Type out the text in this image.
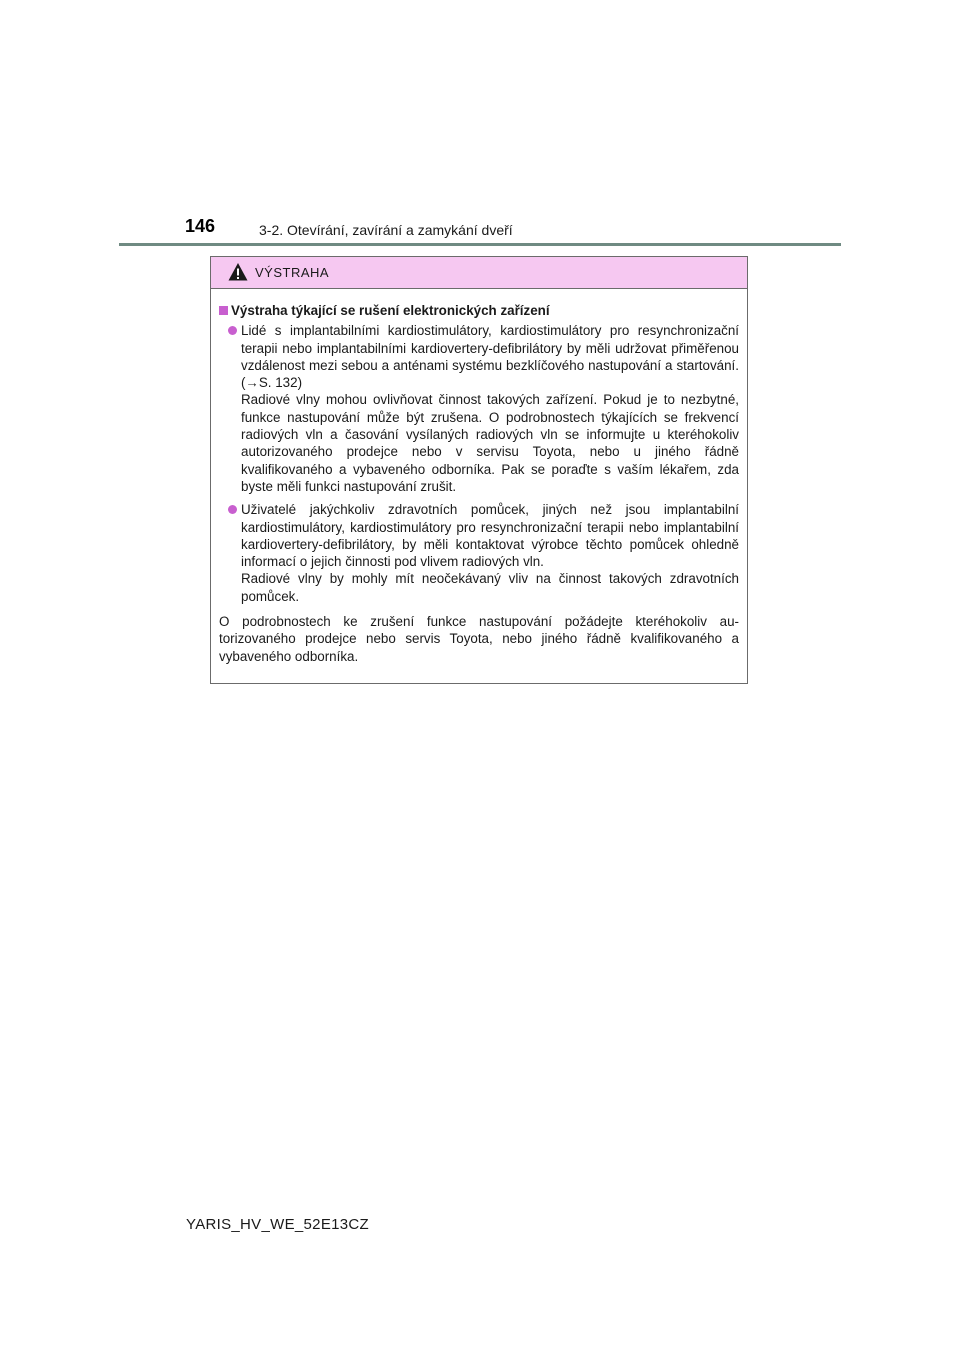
146	3-2. Otevírání, zavírání a zamykání dveří
VÝSTRAHA
Výstraha týkající se rušení elektronických zařízení

Lidé s implantabilními kardiostimulátory, kardiostimulátory pro resynchronizační terapii nebo implantabilními kardiovertery-defibrilátory by měli udržovat přiměřenou vzdálenost mezi sebou a anténami systému bezklíčového nastupování a startování. (→S. 132)

Radiové vlny mohou ovlivňovat činnost takových zařízení. Pokud je to nezbytné, funkce nastupování může být zrušena. O podrobnostech týkajících se frekvencí radiových vln a časování vysílaných radiových vln se informujte u kteréhokoliv autorizovaného prodejce nebo v servisu Toyota, nebo u jiného řádně kvalifikovaného a vybaveného odborníka. Pak se poraďte s vaším lékařem, zda byste měli funkci nastupování zrušit.

Uživatelé jakýchkoliv zdravotních pomůcek, jiných než jsou implantabilní kardiostimulátory, kardiostimulátory pro resynchronizační terapii nebo implantabilní kardiovertery-defibrilátory, by měli kontaktovat výrobce těchto pomůcek ohledně informací o jejich činnosti pod vlivem radiových vln.

Radiové vlny by mohly mít neočekávaný vliv na činnost takových zdravotních pomůcek.

O podrobnostech ke zrušení funkce nastupování požádejte kteréhokoliv autorizovaného prodejce nebo servis Toyota, nebo jiného řádně kvalifikovaného a vybaveného odborníka.

YARIS_HV_WE_52E13CZ
